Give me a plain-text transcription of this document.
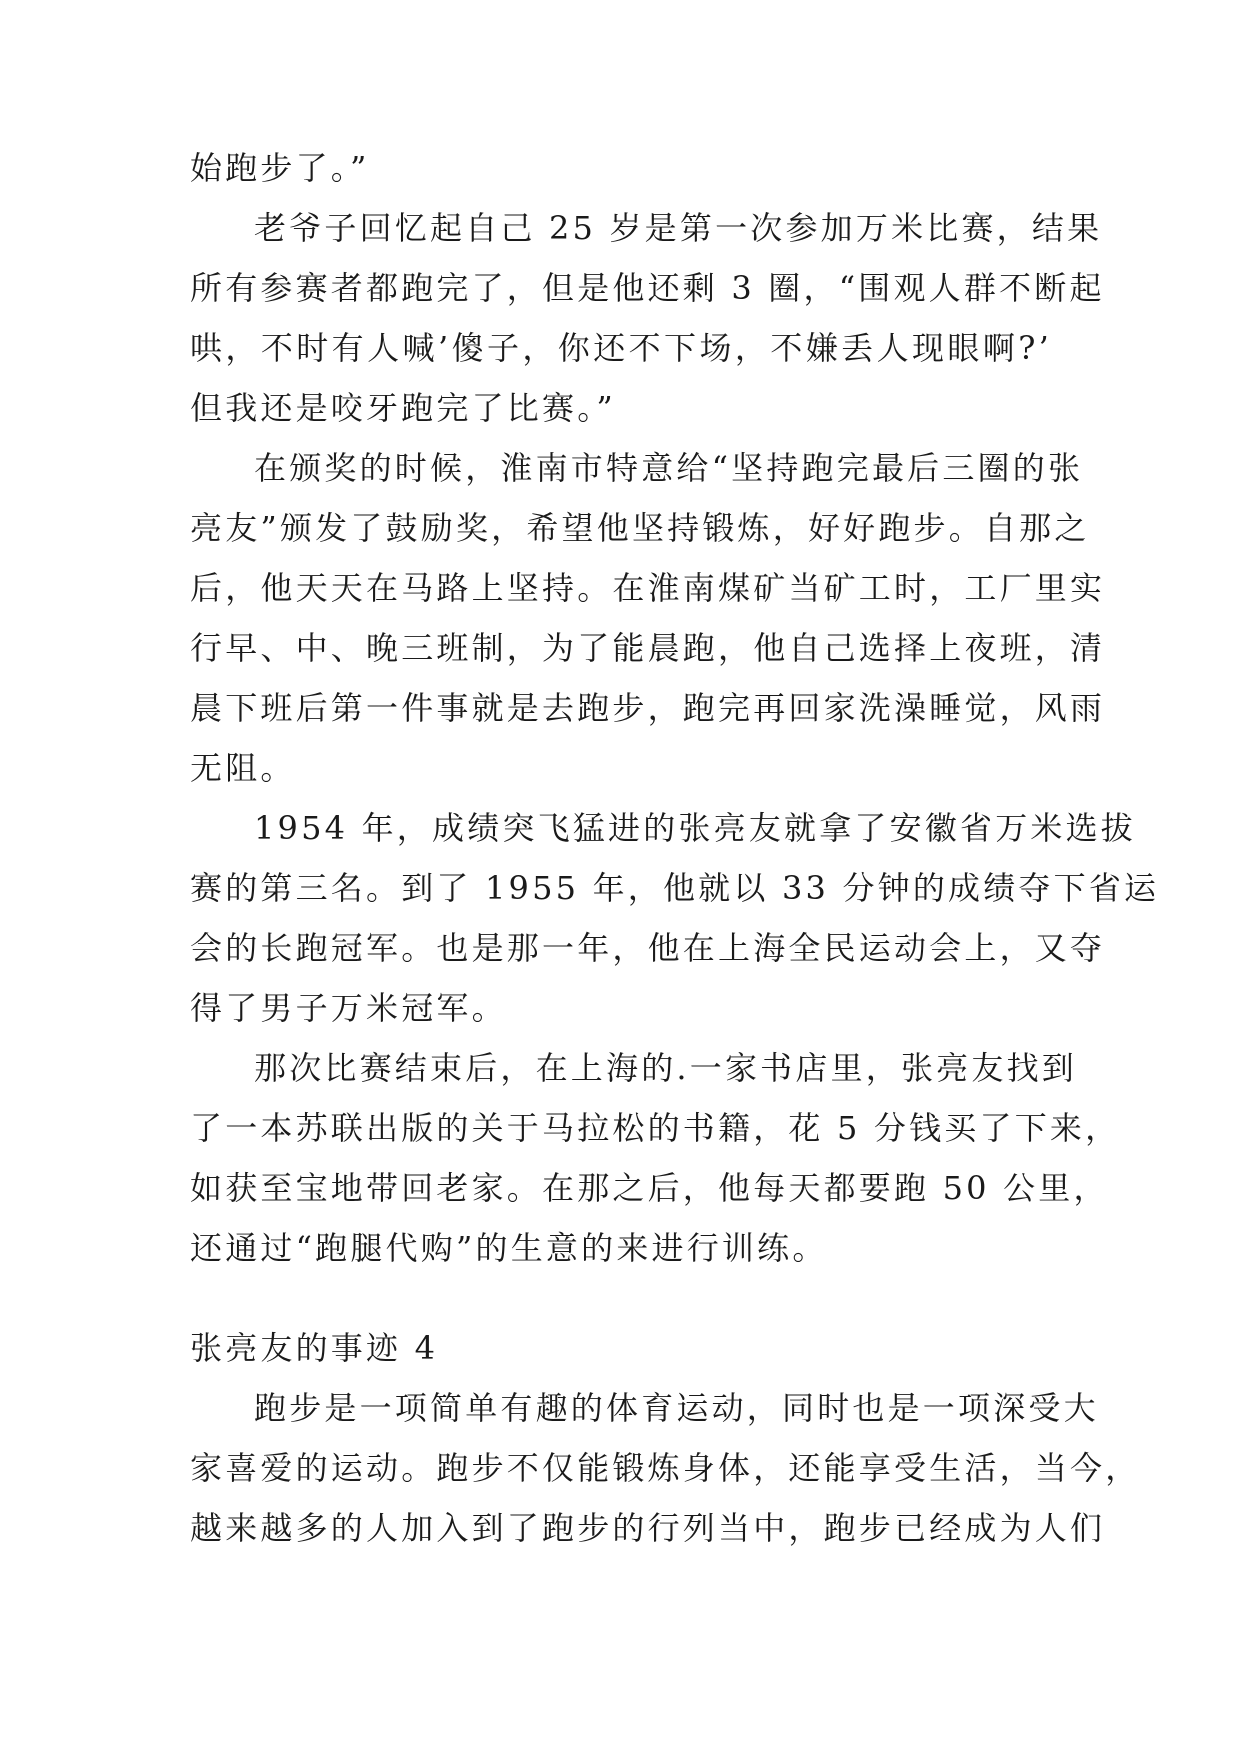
始跑步了。”
老爷子回忆起自己 25 岁是第一次参加万米比赛，结果
所有参赛者都跑完了，但是他还剩 3 圈，“围观人群不断起
哄，不时有人喊’傻子，你还不下场，不嫌丢人现眼啊?’
但我还是咬牙跑完了比赛。”
在颁奖的时候，淮南市特意给“坚持跑完最后三圈的张
亮友”颁发了鼓励奖，希望他坚持锻炼，好好跑步。自那之
后，他天天在马路上坚持。在淮南煤矿当矿工时，工厂里实
行早、中、晚三班制，为了能晨跑，他自己选择上夜班，清
晨下班后第一件事就是去跑步，跑完再回家洗澡睡觉，风雨
无阻。
1954 年，成绩突飞猛进的张亮友就拿了安徽省万米选拔
赛的第三名。到了 1955 年，他就以 33 分钟的成绩夺下省运
会的长跑冠军。也是那一年，他在上海全民运动会上，又夺
得了男子万米冠军。
那次比赛结束后，在上海的.一家书店里，张亮友找到
了一本苏联出版的关于马拉松的书籍，花 5 分钱买了下来，
如获至宝地带回老家。在那之后，他每天都要跑 50 公里，
还通过“跑腿代购”的生意的来进行训练。
张亮友的事迹 4
跑步是一项简单有趣的体育运动，同时也是一项深受大
家喜爱的运动。跑步不仅能锻炼身体，还能享受生活，当今，
越来越多的人加入到了跑步的行列当中，跑步已经成为人们
